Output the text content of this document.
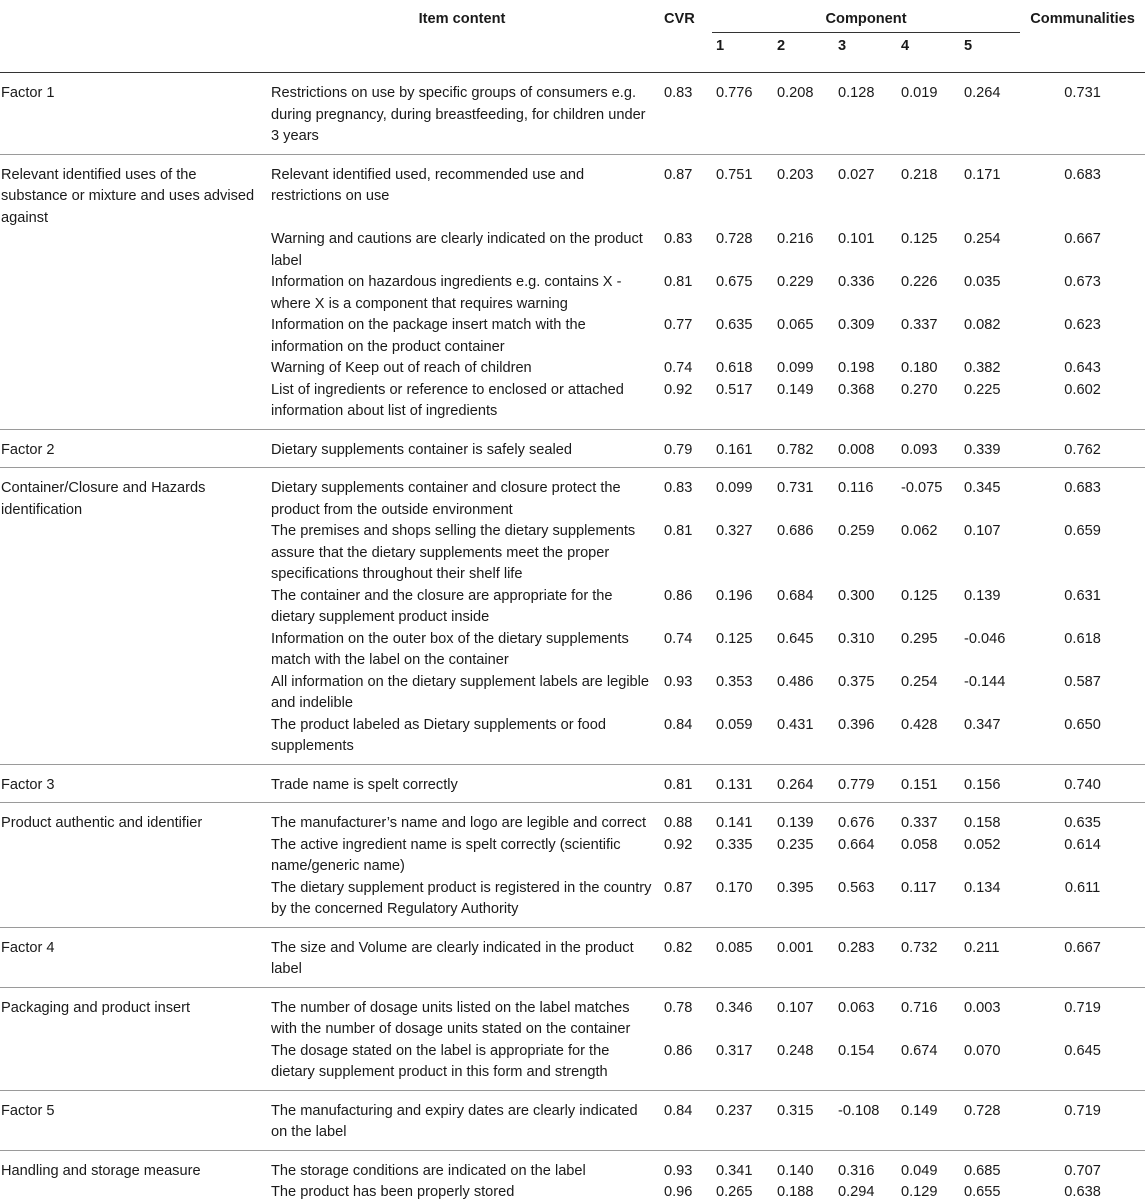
	Item content	CVR	Component					Communalities
			1	2	3	4	5	
Factor 1	Restrictions on use by specific groups of consumers e.g. during pregnancy, during breastfeeding, for children under 3 years	0.83	0.776	0.208	0.128	0.019	0.264	0.731
Relevant identified uses of the substance or mixture and uses advised against	Relevant identified used, recommended use and restrictions on use	0.87	0.751	0.203	0.027	0.218	0.171	0.683
	Warning and cautions are clearly indicated on the product label	0.83	0.728	0.216	0.101	0.125	0.254	0.667
	Information on hazardous ingredients e.g. contains X - where X is a component that requires warning	0.81	0.675	0.229	0.336	0.226	0.035	0.673
	Information on the package insert match with the information on the product container	0.77	0.635	0.065	0.309	0.337	0.082	0.623
	Warning of Keep out of reach of children	0.74	0.618	0.099	0.198	0.180	0.382	0.643
	List of ingredients or reference to enclosed or attached information about list of ingredients	0.92	0.517	0.149	0.368	0.270	0.225	0.602
Factor 2	Dietary supplements container is safely sealed	0.79	0.161	0.782	0.008	0.093	0.339	0.762
Container/Closure and Hazards identification	Dietary supplements container and closure protect the product from the outside environment	0.83	0.099	0.731	0.116	-0.075	0.345	0.683
	The premises and shops selling the dietary supplements assure that the dietary supplements meet the proper specifications throughout their shelf life	0.81	0.327	0.686	0.259	0.062	0.107	0.659
	The container and the closure are appropriate for the dietary supplement product inside	0.86	0.196	0.684	0.300	0.125	0.139	0.631
	Information on the outer box of the dietary supplements match with the label on the container	0.74	0.125	0.645	0.310	0.295	-0.046	0.618
	All information on the dietary supplement labels are legible and indelible	0.93	0.353	0.486	0.375	0.254	-0.144	0.587
	The product labeled as Dietary supplements or food supplements	0.84	0.059	0.431	0.396	0.428	0.347	0.650
Factor 3	Trade name is spelt correctly	0.81	0.131	0.264	0.779	0.151	0.156	0.740
Product authentic and identifier	The manufacturer’s name and logo are legible and correct	0.88	0.141	0.139	0.676	0.337	0.158	0.635
	The active ingredient name is spelt correctly (scientific name/generic name)	0.92	0.335	0.235	0.664	0.058	0.052	0.614
	The dietary supplement product is registered in the country by the concerned Regulatory Authority	0.87	0.170	0.395	0.563	0.117	0.134	0.611
Factor 4	The size and Volume are clearly indicated in the product label	0.82	0.085	0.001	0.283	0.732	0.211	0.667
Packaging and product insert	The number of dosage units listed on the label matches with the number of dosage units stated on the container	0.78	0.346	0.107	0.063	0.716	0.003	0.719
	The dosage stated on the label is appropriate for the dietary supplement product in this form and strength	0.86	0.317	0.248	0.154	0.674	0.070	0.645
Factor 5	The manufacturing and expiry dates are clearly indicated on the label	0.84	0.237	0.315	-0.108	0.149	0.728	0.719
Handling and storage measure	The storage conditions are indicated on the label	0.93	0.341	0.140	0.316	0.049	0.685	0.707
	The product has been properly stored	0.96	0.265	0.188	0.294	0.129	0.655	0.638
